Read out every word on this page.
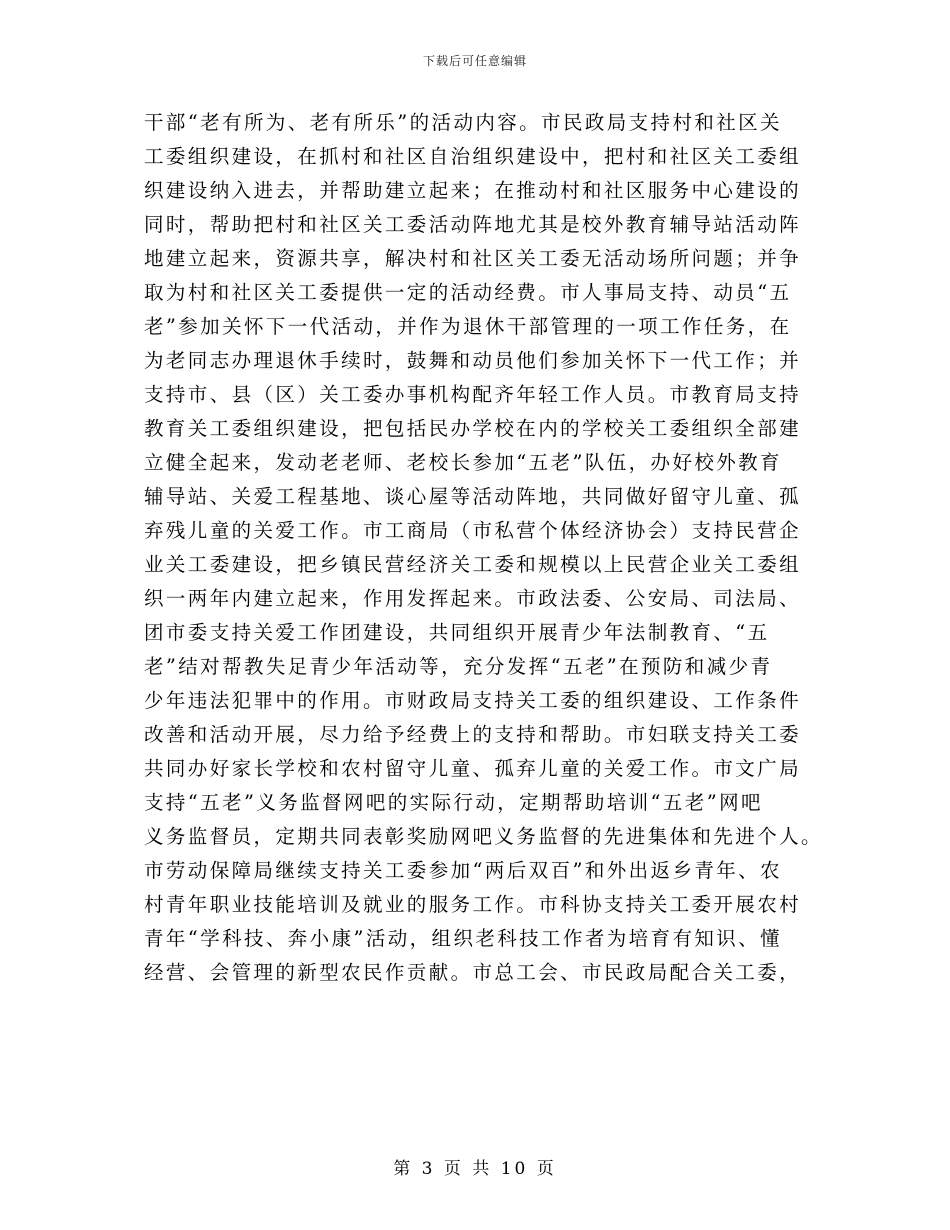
下载后可任意编辑
干部“老有所为、老有所乐”的活动内容。市民政局支持村和社区关
工委组织建设，在抓村和社区自治组织建设中，把村和社区关工委组
织建设纳入进去，并帮助建立起来；在推动村和社区服务中心建设的
同时，帮助把村和社区关工委活动阵地尤其是校外教育辅导站活动阵
地建立起来，资源共享，解决村和社区关工委无活动场所问题；并争
取为村和社区关工委提供一定的活动经费。市人事局支持、动员“五
老”参加关怀下一代活动，并作为退休干部管理的一项工作任务，在
为老同志办理退休手续时，鼓舞和动员他们参加关怀下一代工作；并
支持市、县（区）关工委办事机构配齐年轻工作人员。市教育局支持
教育关工委组织建设，把包括民办学校在内的学校关工委组织全部建
立健全起来，发动老老师、老校长参加“五老”队伍，办好校外教育
辅导站、关爱工程基地、谈心屋等活动阵地，共同做好留守儿童、孤
弃残儿童的关爱工作。市工商局（市私营个体经济协会）支持民营企
业关工委建设，把乡镇民营经济关工委和规模以上民营企业关工委组
织一两年内建立起来，作用发挥起来。市政法委、公安局、司法局、
团市委支持关爱工作团建设，共同组织开展青少年法制教育、“五
老”结对帮教失足青少年活动等，充分发挥“五老”在预防和减少青
少年违法犯罪中的作用。市财政局支持关工委的组织建设、工作条件
改善和活动开展，尽力给予经费上的支持和帮助。市妇联支持关工委
共同办好家长学校和农村留守儿童、孤弃儿童的关爱工作。市文广局
支持“五老”义务监督网吧的实际行动，定期帮助培训“五老”网吧
义务监督员，定期共同表彰奖励网吧义务监督的先进集体和先进个人。
市劳动保障局继续支持关工委参加“两后双百”和外出返乡青年、农
村青年职业技能培训及就业的服务工作。市科协支持关工委开展农村
青年“学科技、奔小康”活动，组织老科技工作者为培育有知识、懂
经营、会管理的新型农民作贡献。市总工会、市民政局配合关工委，
第 3 页 共 10 页
